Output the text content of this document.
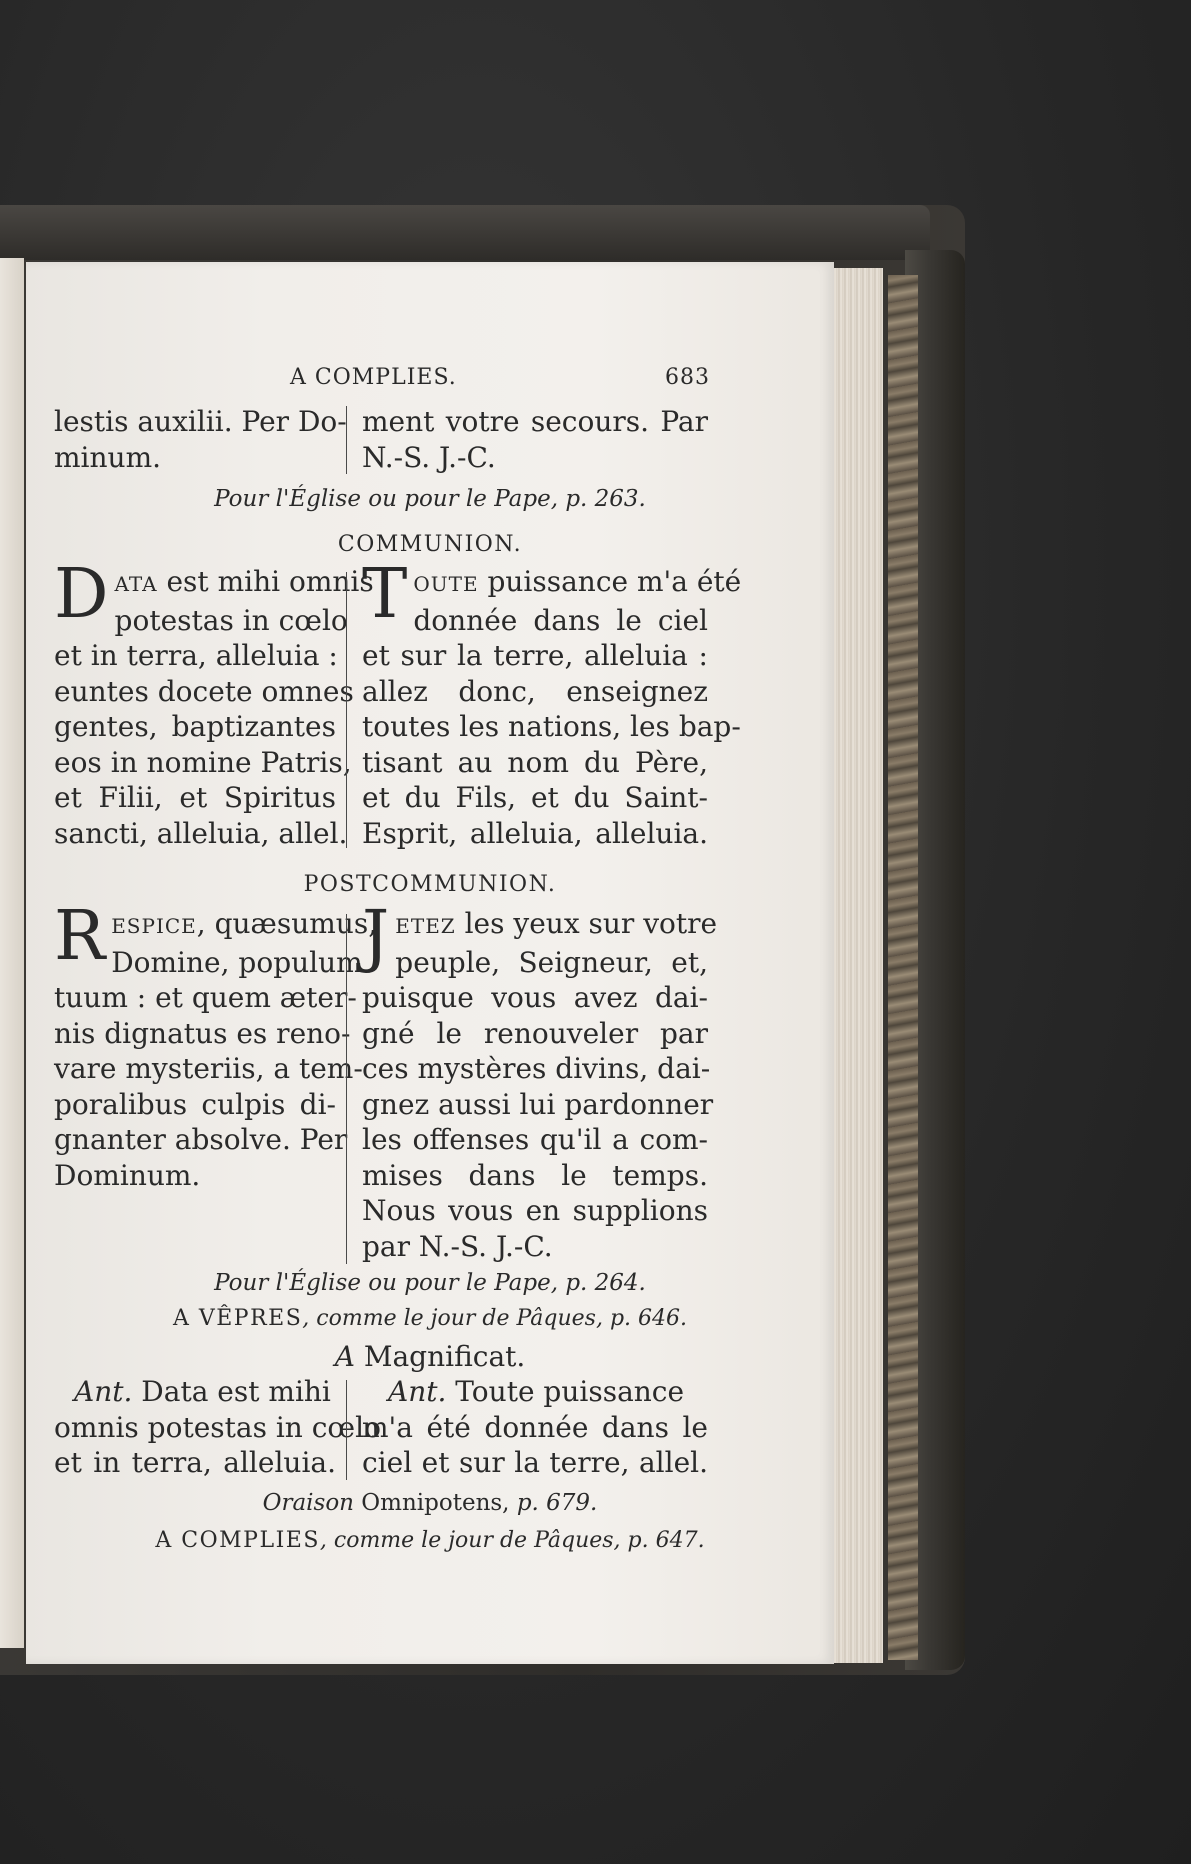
A COMPLIES.	683
lestis auxilii. Per Do-
minum.
ment votre secours. Par
N.-S. J.-C.
Pour l'Église ou pour le Pape, p. 263.
COMMUNION.
D ATA est mihi omnis
potestas in cœlo
et in terra, alleluia :
euntes docete omnes
gentes, baptizantes
eos in nomine Patris,
et Filii, et Spiritus
sancti, alleluia, allel.
T OUTE puissance m'a été
donnée dans le ciel
et sur la terre, alleluia :
allez donc, enseignez
toutes les nations, les bap-
tisant au nom du Père,
et du Fils, et du Saint-
Esprit, alleluia, alleluia.
POSTCOMMUNION.
R ESPICE, quæsumus,
Domine, populum
tuum : et quem æter-
nis dignatus es reno-
vare mysteriis, a tem-
poralibus culpis di-
gnanter absolve. Per
Dominum.
J ETEZ les yeux sur votre
peuple, Seigneur, et,
puisque vous avez dai-
gné le renouveler par
ces mystères divins, dai-
gnez aussi lui pardonner
les offenses qu'il a com-
mises dans le temps.
Nous vous en supplions
par N.-S. J.-C.
Pour l'Église ou pour le Pape, p. 264.
A VÊPRES, comme le jour de Pâques, p. 646.
A Magnificat.
Ant. Data est mihi
omnis potestas in cœlo
et in terra, alleluia.
Ant. Toute puissance
m'a été donnée dans le
ciel et sur la terre, allel.
Oraison Omnipotens, p. 679.
A COMPLIES, comme le jour de Pâques, p. 647.
